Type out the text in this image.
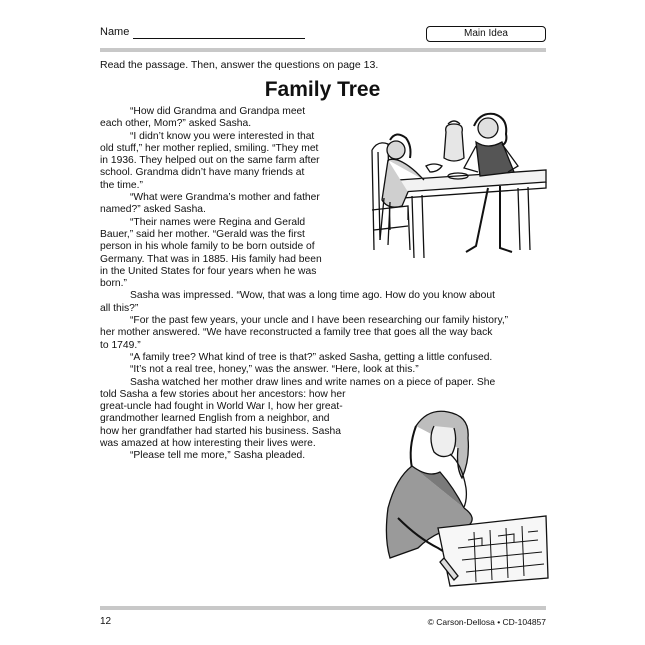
Name	Main Idea
Read the passage. Then, answer the questions on page 13.
Family Tree
“How did Grandma and Grandpa meet
each other, Mom?” asked Sasha.
“I didn’t know you were interested in that
old stuff,” her mother replied, smiling. “They met
in 1936. They helped out on the same farm after
school. Grandma didn’t have many friends at
the time.”
“What were Grandma’s mother and father
named?” asked Sasha.
“Their names were Regina and Gerald
Bauer,” said her mother. “Gerald was the first
person in his whole family to be born outside of
Germany. That was in 1885. His family had been
in the United States for four years when he was
born.”
Sasha was impressed. “Wow, that was a long time ago. How do you know about
all this?”
“For the past few years, your uncle and I have been researching our family history,”
her mother answered. “We have reconstructed a family tree that goes all the way back
to 1749.”
“A family tree? What kind of tree is that?” asked Sasha, getting a little confused.
“It’s not a real tree, honey,” was the answer. “Here, look at this.”
Sasha watched her mother draw lines and write names on a piece of paper. She
told Sasha a few stories about her ancestors: how her
great-uncle had fought in World War I, how her great-
grandmother learned English from a neighbor, and
how her grandfather had started his business. Sasha
was amazed at how interesting their lives were.
“Please tell me more,” Sasha pleaded.
12	© Carson-Dellosa • CD-104857
